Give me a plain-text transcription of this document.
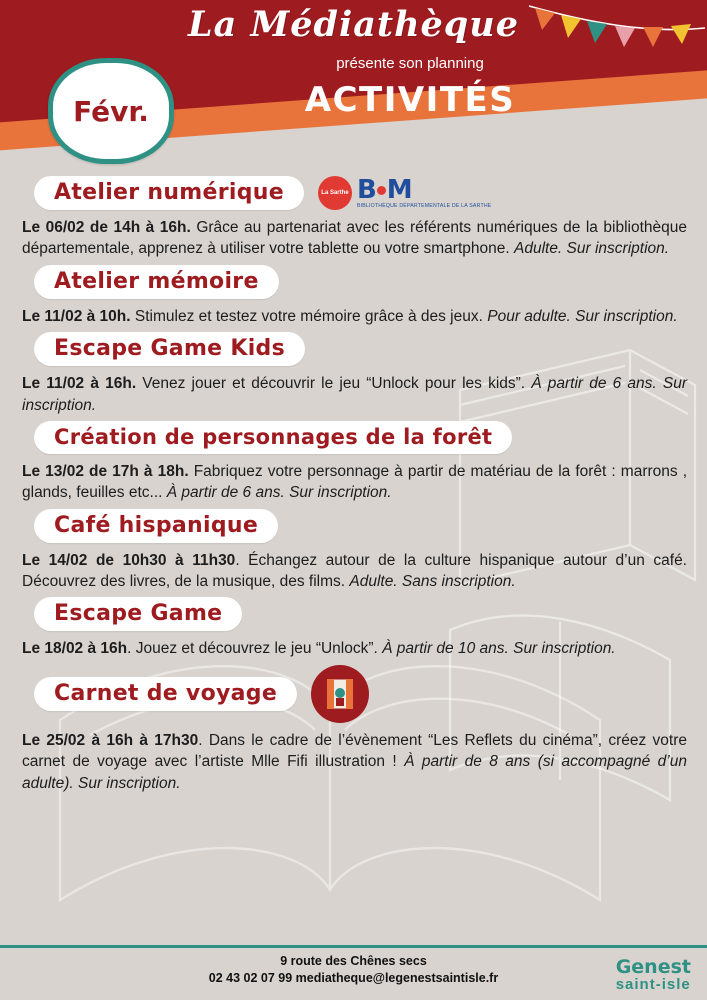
La Médiathèque
présente son planning
ACTIVITÉS
Févr.
Atelier numérique	La Sarthe B M
BIBLIOTHÈQUE DÉPARTEMENTALE DE LA SARTHE
Le 06/02 de 14h à 16h. Grâce au partenariat avec les référents numériques de la bibliothèque départementale, apprenez à utiliser votre tablette ou votre smartphone. Adulte. Sur inscription.
Atelier mémoire
Le 11/02 à 10h. Stimulez et testez votre mémoire grâce à des jeux. Pour adulte. Sur inscription.
Escape Game Kids
Le 11/02 à 16h. Venez jouer et découvrir le jeu “Unlock pour les kids”. À partir de 6 ans. Sur inscription.
Création de personnages de la forêt
Le 13/02 de 17h à 18h. Fabriquez votre personnage à partir de matériau de la forêt : marrons , glands, feuilles etc... À partir de 6 ans. Sur inscription.
Café hispanique
Le 14/02 de 10h30 à 11h30. Échangez autour de la culture hispanique autour d’un café. Découvrez des livres, de la musique, des films. Adulte. Sans inscription.
Escape Game
Le 18/02 à 16h. Jouez et découvrez le jeu “Unlock”. À partir de 10 ans. Sur inscription.
Carnet de voyage
Le 25/02 à 16h à 17h30. Dans le cadre de l’évènement “Les Reflets du cinéma”, créez votre carnet de voyage avec l’artiste Mlle Fifi illustration ! À partir de 8 ans (si accompagné d’un adulte). Sur inscription.
9 route des Chênes secs
02 43 02 07 99 mediatheque@legenestsaintisle.fr	Genest
saint-isle
